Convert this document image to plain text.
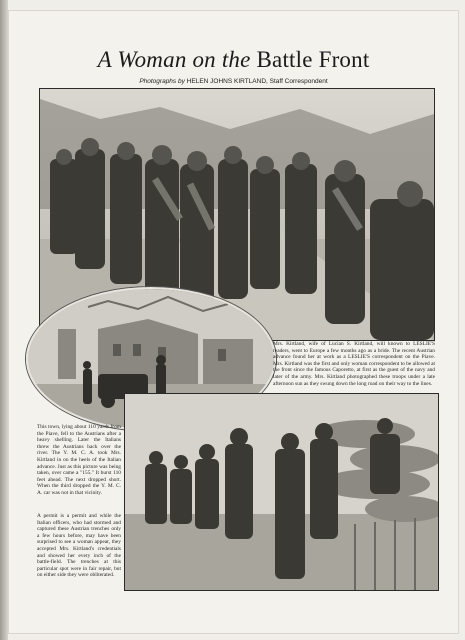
A Woman on the Battle Front
Photographs by HELEN JOHNS KIRTLAND, Staff Correspondent
Mrs. Kirtland, wife of Lucian S. Kirtland, will known to LESLIE'S readers, went to Europe a few months ago as a bride. The recent Austrian advance found her at work as a LESLIE'S correspondent on the Piave. Mrs. Kirtland was the first and only woman correspondent to be allowed at the front since the famous Caporetto, at first as the guest of the navy and later of the army. Mrs. Kirtland photographed these troops under a late afternoon sun as they swung down the long road on their way to the lines.
This town, lying about 110 yards from the Piave, fell to the Austrians after a heavy shelling. Later the Italians threw the Austrians back over the river. The Y. M. C. A. took Mrs. Kirtland in on the heels of the Italian advance. Just as this picture was being taken, over came a "155." It burst 110 feet ahead. The next dropped short. When the third dropped the Y. M. C. A. car was not in that vicinity.
A permit is a permit and while the Italian officers, who had stormed and captured these Austrian trenches only a few hours before, may have been surprised to see a woman appear, they accepted Mrs. Kirtland's credentials and showed her every inch of the battle-field. The trenches at this particular spot were in fair repair, but on either side they were obliterated.
